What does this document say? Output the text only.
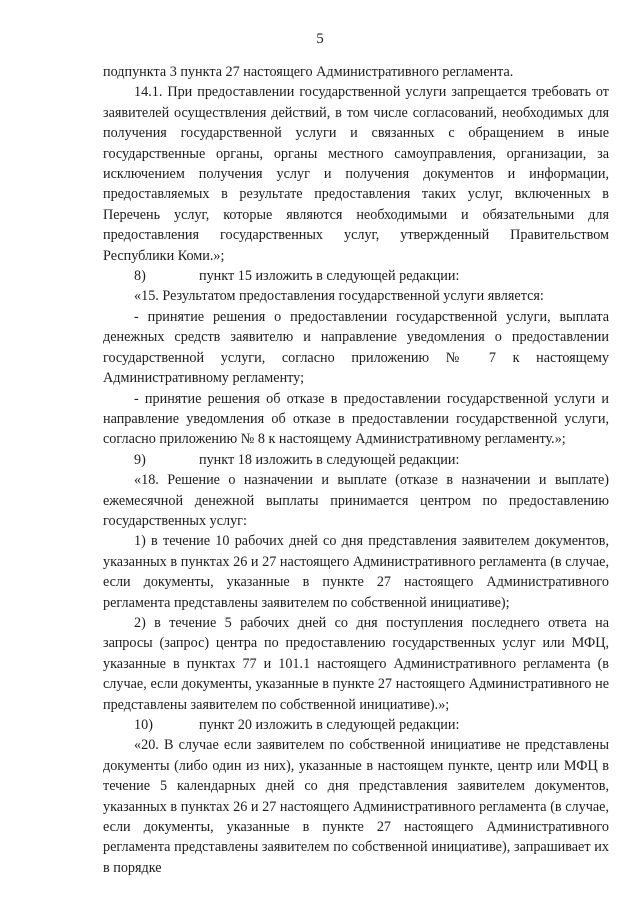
5

подпункта 3 пункта 27 настоящего Административного регламента.

14.1. При предоставлении государственной услуги запрещается требовать от заявителей осуществления действий, в том числе согласований, необходимых для получения государственной услуги и связанных с обращением в иные государственные органы, органы местного самоуправления, организации, за исключением получения услуг и получения документов и информации, предоставляемых в результате предоставления таких услуг, включенных в Перечень услуг, которые являются необходимыми и обязательными для предоставления государственных услуг, утвержденный Правительством Республики Коми.»;

8)	пункт 15 изложить в следующей редакции:

«15. Результатом предоставления государственной услуги является:

- принятие решения о предоставлении государственной услуги, выплата денежных средств заявителю и направление уведомления о предоставлении государственной услуги, согласно приложению № 7 к настоящему Административному регламенту;

- принятие решения об отказе в предоставлении государственной услуги и направление уведомления об отказе в предоставлении государственной услуги, согласно приложению № 8 к настоящему Административному регламенту.»;

9)	пункт 18 изложить в следующей редакции:

«18. Решение о назначении и выплате (отказе в назначении и выплате) ежемесячной денежной выплаты принимается центром по предоставлению государственных услуг:

1) в течение 10 рабочих дней со дня представления заявителем документов, указанных в пунктах 26 и 27 настоящего Административного регламента (в случае, если документы, указанные в пункте 27 настоящего Административного регламента представлены заявителем по собственной инициативе);

2) в течение 5 рабочих дней со дня поступления последнего ответа на запросы (запрос) центра по предоставлению государственных услуг или МФЦ, указанные в пунктах 77 и 101.1 настоящего Административного регламента (в случае, если документы, указанные в пункте 27 настоящего Административного не представлены заявителем по собственной инициативе).»;

10)	пункт 20 изложить в следующей редакции:

«20. В случае если заявителем по собственной инициативе не представлены документы (либо один из них), указанные в настоящем пункте, центр или МФЦ в течение 5 календарных дней со дня представления заявителем документов, указанных в пунктах 26 и 27 настоящего Административного регламента (в случае, если документы, указанные в пункте 27 настоящего Административного регламента представлены заявителем по собственной инициативе), запрашивает их в порядке
